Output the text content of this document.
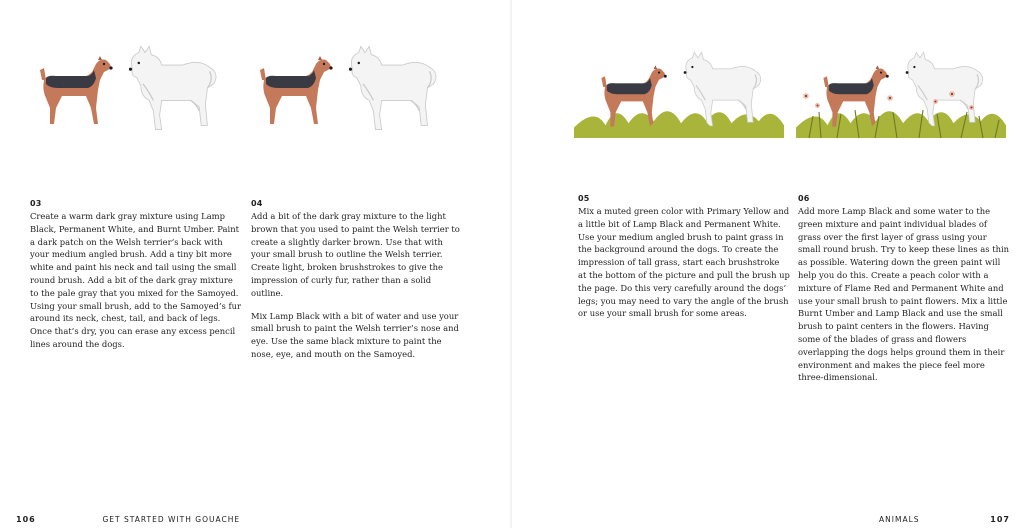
03

Create a warm dark gray mixture using Lamp Black, Permanent White, and Burnt Umber. Paint a dark patch on the Welsh terrier’s back with your medium angled brush. Add a tiny bit more white and paint his neck and tail using the small round brush. Add a bit of the dark gray mixture to the pale gray that you mixed for the Samoyed. Using your small brush, add to the Samoyed’s fur around its neck, chest, tail, and back of legs. Once that’s dry, you can erase any excess pencil lines around the dogs.

04

Add a bit of the dark gray mixture to the light brown that you used to paint the Welsh terrier to create a slightly darker brown. Use that with your small brush to outline the Welsh terrier. Create light, broken brushstrokes to give the impression of curly fur, rather than a solid outline.

Mix Lamp Black with a bit of water and use your small brush to paint the Welsh terrier’s nose and eye. Use the same black mixture to paint the nose, eye, and mouth on the Samoyed.

106	GET STARTED WITH GOUACHE
05

Mix a muted green color with Primary Yellow and a little bit of Lamp Black and Permanent White. Use your medium angled brush to paint grass in the background around the dogs. To create the impression of tall grass, start each brushstroke at the bottom of the picture and pull the brush up the page. Do this very carefully around the dogs’ legs; you may need to vary the angle of the brush or use your small brush for some areas.

06

Add more Lamp Black and some water to the green mixture and paint individual blades of grass over the first layer of grass using your small round brush. Try to keep these lines as thin as possible. Watering down the green paint will help you do this. Create a peach color with a mixture of Flame Red and Permanent White and use your small brush to paint flowers. Mix a little Burnt Umber and Lamp Black and use the small brush to paint centers in the flowers. Having some of the blades of grass and flowers overlapping the dogs helps ground them in their environment and makes the piece feel more three-dimensional.

ANIMALS	107
